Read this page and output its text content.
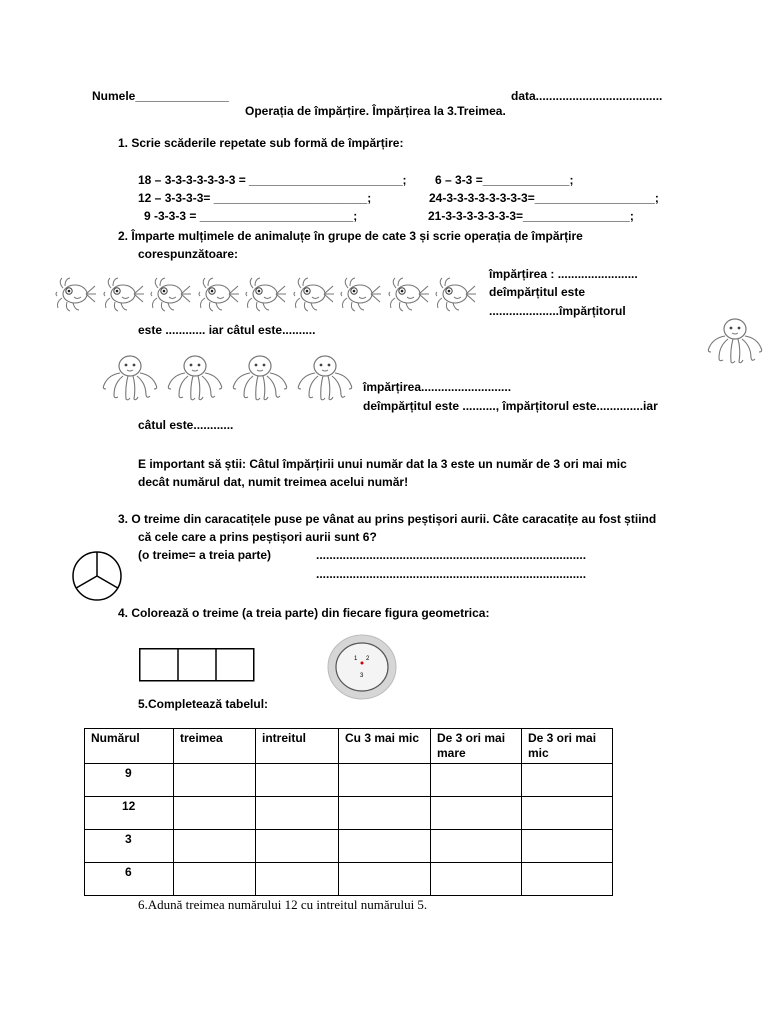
Numele______________	data......................................
Operația de împărțire. Împărțirea la 3.Treimea.
1. Scrie scăderile repetate sub formă de împărțire:
18 – 3-3-3-3-3-3-3 = _______________________;
12 – 3-3-3-3= _______________________;
9 -3-3-3 = _______________________;
6 – 3-3 =_____________;
24-3-3-3-3-3-3-3-3=__________________;
21-3-3-3-3-3-3-3=________________;
2. Împarte mulțimele de animaluțe în grupe de cate 3 și scrie operația de împărțire
corespunzătoare:
împărțirea : ........................
deîmpărțitul este
.....................împărțitorul
este ............ iar câtul este..........
împărțirea...........................
deîmpărțitul este .........., împărțitorul este..............iar
câtul este............
E important să știi: Câtul împărțirii unui număr dat la 3 este un număr de 3 ori mai mic
decât numărul dat, numit treimea acelui număr!
3. O treime din caracatițele puse pe vânat au prins peștișori aurii. Câte caracatițe au fost știind
că cele care a prins peștișori aurii sunt 6?
(o treime= a treia parte)	.................................................................................
.................................................................................
4. Colorează o treime (a treia parte) din fiecare figura geometrica:
1 2
3
5.Completează tabelul:
Numărul	treimea	intreitul	Cu 3 mai mic	De 3 ori mai mare	De 3 ori mai mic
9					
12					
3					
6					
6.Adună treimea numărului 12 cu intreitul numărului 5.
